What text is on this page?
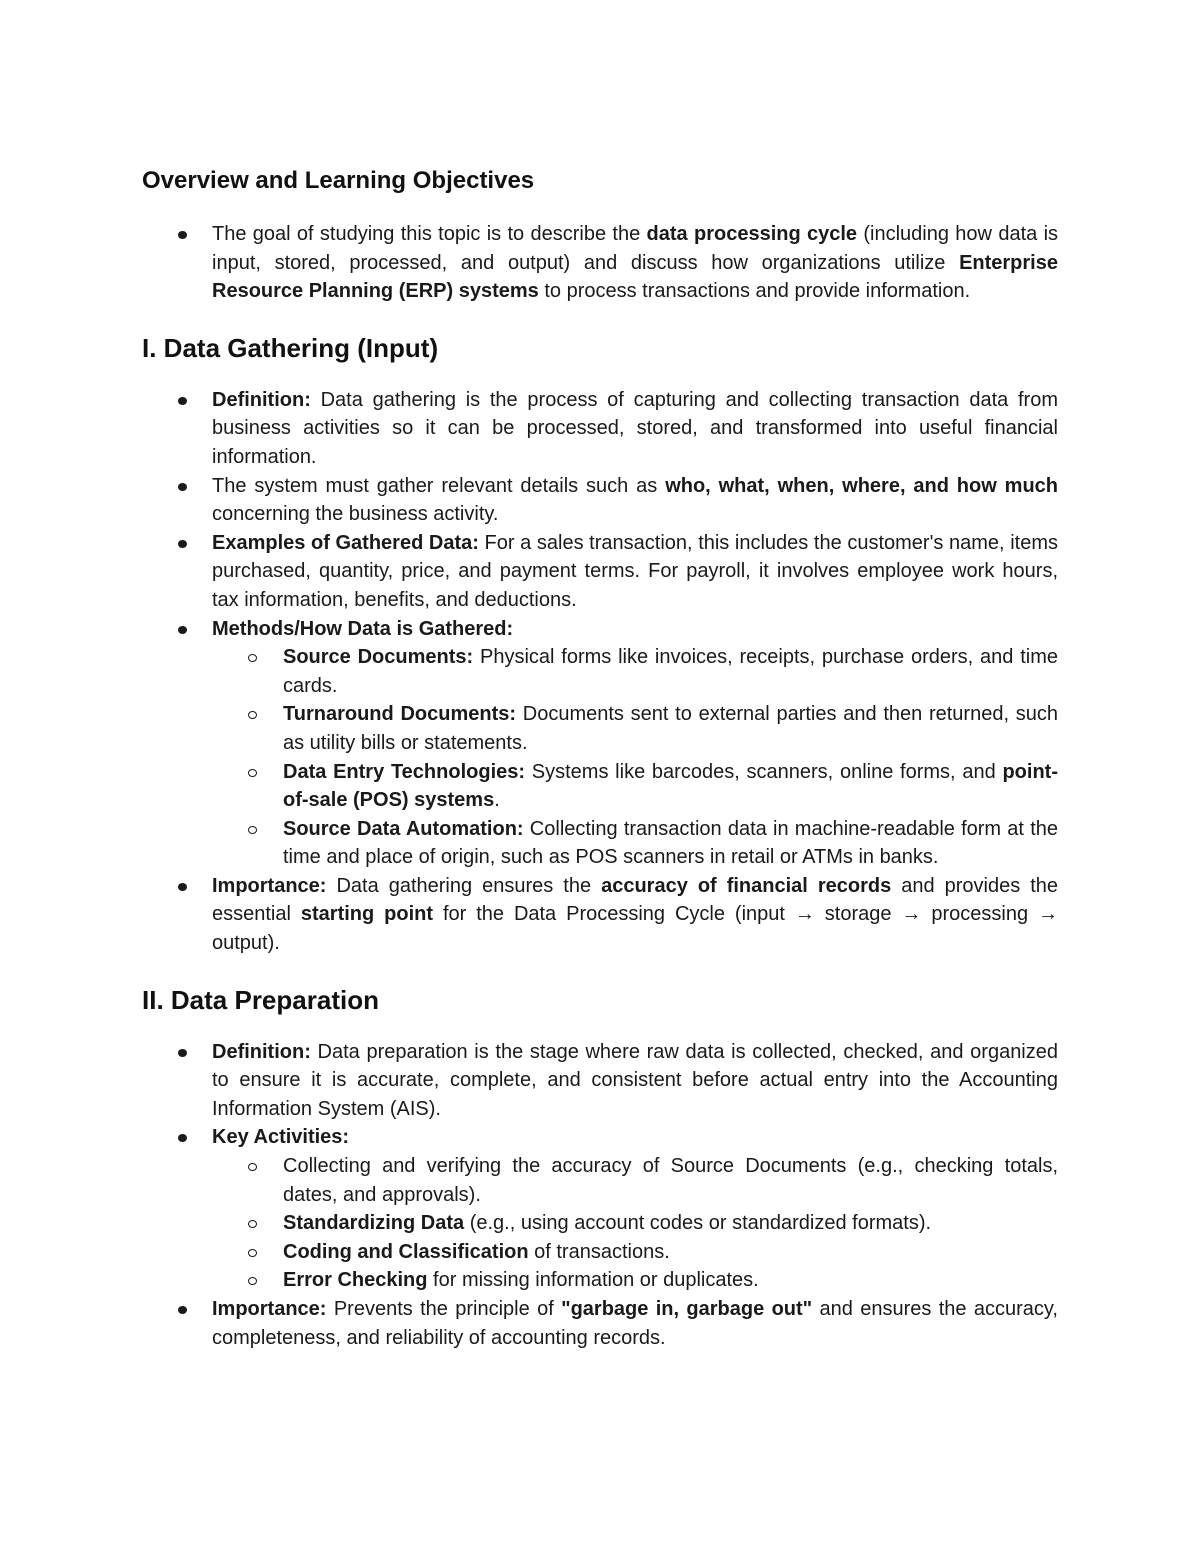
Overview and Learning Objectives
The goal of studying this topic is to describe the data processing cycle (including how data is input, stored, processed, and output) and discuss how organizations utilize Enterprise Resource Planning (ERP) systems to process transactions and provide information.
I. Data Gathering (Input)
Definition: Data gathering is the process of capturing and collecting transaction data from business activities so it can be processed, stored, and transformed into useful financial information.
The system must gather relevant details such as who, what, when, where, and how much concerning the business activity.
Examples of Gathered Data: For a sales transaction, this includes the customer's name, items purchased, quantity, price, and payment terms. For payroll, it involves employee work hours, tax information, benefits, and deductions.
Methods/How Data is Gathered:
Source Documents: Physical forms like invoices, receipts, purchase orders, and time cards.
Turnaround Documents: Documents sent to external parties and then returned, such as utility bills or statements.
Data Entry Technologies: Systems like barcodes, scanners, online forms, and point-of-sale (POS) systems.
Source Data Automation: Collecting transaction data in machine-readable form at the time and place of origin, such as POS scanners in retail or ATMs in banks.
Importance: Data gathering ensures the accuracy of financial records and provides the essential starting point for the Data Processing Cycle (input → storage → processing → output).
II. Data Preparation
Definition: Data preparation is the stage where raw data is collected, checked, and organized to ensure it is accurate, complete, and consistent before actual entry into the Accounting Information System (AIS).
Key Activities:
Collecting and verifying the accuracy of Source Documents (e.g., checking totals, dates, and approvals).
Standardizing Data (e.g., using account codes or standardized formats).
Coding and Classification of transactions.
Error Checking for missing information or duplicates.
Importance: Prevents the principle of "garbage in, garbage out" and ensures the accuracy, completeness, and reliability of accounting records.
